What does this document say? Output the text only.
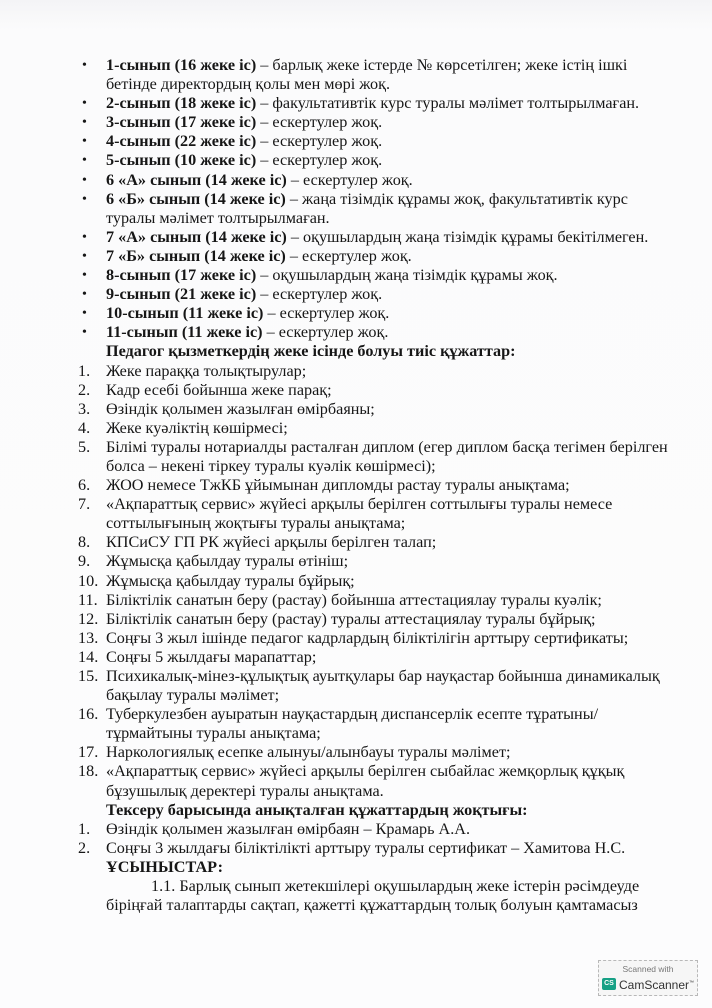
• 1-сынып (16 жеке іс) – барлық жеке істерде № көрсетілген; жеке істің ішкі бетінде директордың қолы мен мөрі жоқ.
• 2-сынып (18 жеке іс) – факультативтік курс туралы мәлімет толтырылмаған.
• 3-сынып (17 жеке іс) – ескертулер жоқ.
• 4-сынып (22 жеке іс) – ескертулер жоқ.
• 5-сынып (10 жеке іс) – ескертулер жоқ.
• 6 «А» сынып (14 жеке іс) – ескертулер жоқ.
• 6 «Б» сынып (14 жеке іс) – жаңа тізімдік құрамы жоқ, факультативтік курс туралы мәлімет толтырылмаған.
• 7 «А» сынып (14 жеке іс) – оқушылардың жаңа тізімдік құрамы бекітілмеген.
• 7 «Б» сынып (14 жеке іс) – ескертулер жоқ.
• 8-сынып (17 жеке іс) – оқушылардың жаңа тізімдік құрамы жоқ.
• 9-сынып (21 жеке іс) – ескертулер жоқ.
• 10-сынып (11 жеке іс) – ескертулер жоқ.
• 11-сынып (11 жеке іс) – ескертулер жоқ.

Педагог қызметкердің жеке ісінде болуы тиіс құжаттар:

1. Жеке параққа толықтырулар;
2. Кадр есебі бойынша жеке парақ;
3. Өзіндік қолымен жазылған өмірбаяны;
4. Жеке куәліктің көшірмесі;
5. Білімі туралы нотариалды расталған диплом (егер диплом басқа тегімен берілген болса – некені тіркеу туралы куәлік көшірмесі);
6. ЖОО немесе ТжКБ ұйымынан дипломды растау туралы анықтама;
7. «Ақпараттық сервис» жүйесі арқылы берілген соттылығы туралы немесе соттылығының жоқтығы туралы анықтама;
8. КПСиСУ ГП РК жүйесі арқылы берілген талап;
9. Жұмысқа қабылдау туралы өтініш;
10. Жұмысқа қабылдау туралы бұйрық;
11. Біліктілік санатын беру (растау) бойынша аттестациялау туралы куәлік;
12. Біліктілік санатын беру (растау) туралы аттестациялау туралы бұйрық;
13. Соңғы 3 жыл ішінде педагог кадрлардың біліктілігін арттыру сертификаты;
14. Соңғы 5 жылдағы марапаттар;
15. Психикалық-мінез-құлықтық ауытқулары бар науқастар бойынша динамикалық бақылау туралы мәлімет;
16. Туберкулезбен ауыратын науқастардың диспансерлік есепте тұратыны/тұрмайтыны туралы анықтама;
17. Наркологиялық есепке алынуы/алынбауы туралы мәлімет;
18. «Ақпараттық сервис» жүйесі арқылы берілген сыбайлас жемқорлық құқық бұзушылық деректері туралы анықтама.

Тексеру барысында анықталған құжаттардың жоқтығы:

1. Өзіндік қолымен жазылған өмірбаян – Крамарь А.А.
2. Соңғы 3 жылдағы біліктілікті арттыру туралы сертификат – Хамитова Н.С.

ҰСЫНЫСТАР:

1.1. Барлық сынып жетекшілері оқушылардың жеке істерін рәсімдеуде біріңғай талаптарды сақтап, қажетті құжаттардың толық болуын қамтамасыз

Scanned with
CS CamScanner™
